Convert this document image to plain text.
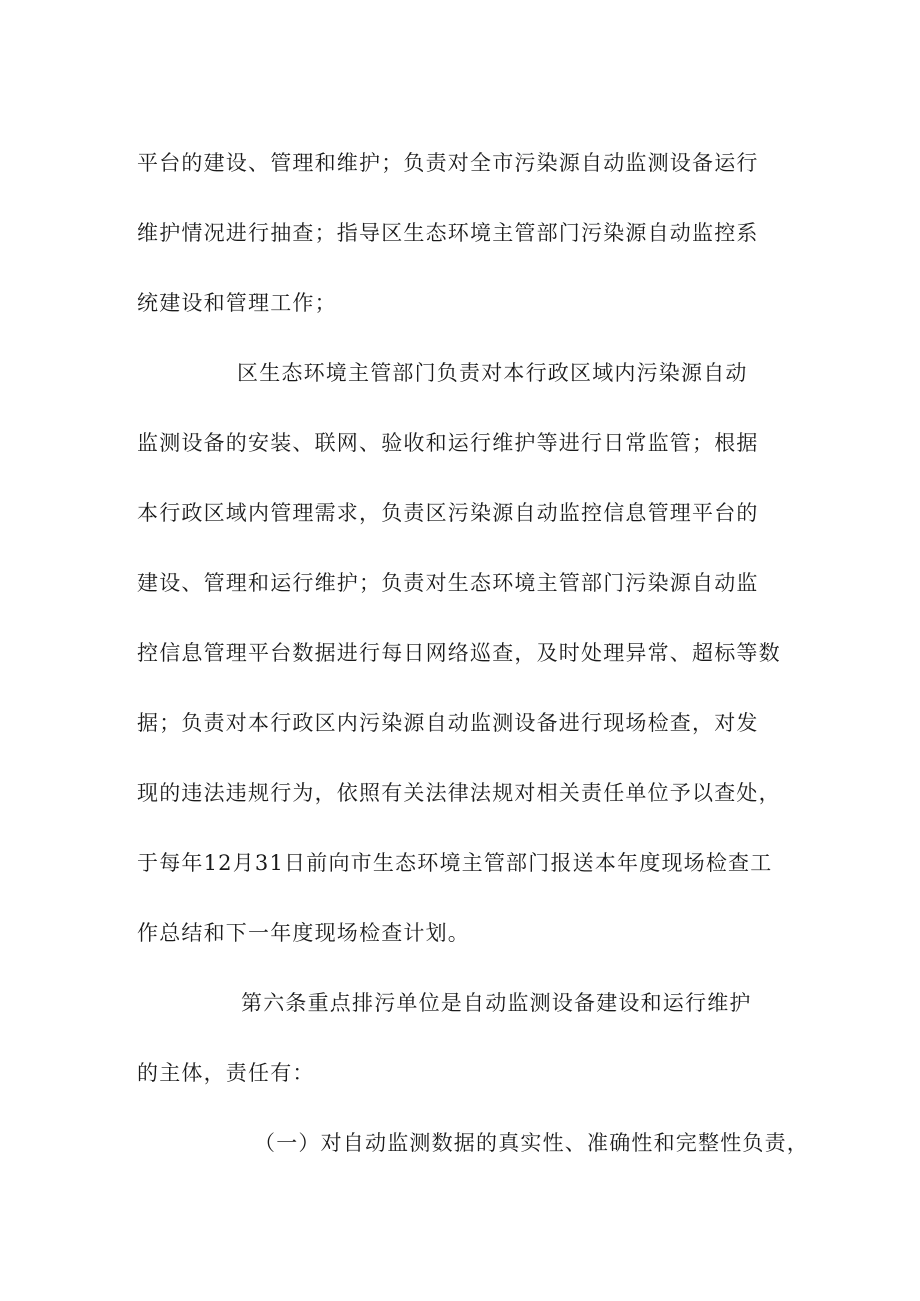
平台的建设、管理和维护；负责对全市污染源自动监测设备运行

维护情况进行抽查；指导区生态环境主管部门污染源自动监控系

统建设和管理工作；

区生态环境主管部门负责对本行政区域内污染源自动

监测设备的安装、联网、验收和运行维护等进行日常监管；根据

本行政区域内管理需求，负责区污染源自动监控信息管理平台的

建设、管理和运行维护；负责对生态环境主管部门污染源自动监

控信息管理平台数据进行每日网络巡查，及时处理异常、超标等数

据；负责对本行政区内污染源自动监测设备进行现场检查，对发

现的违法违规行为，依照有关法律法规对相关责任单位予以查处，

于每年12月31日前向市生态环境主管部门报送本年度现场检查工

作总结和下一年度现场检查计划。

第六条重点排污单位是自动监测设备建设和运行维护

的主体，责任有：

（一）对自动监测数据的真实性、准确性和完整性负责，
